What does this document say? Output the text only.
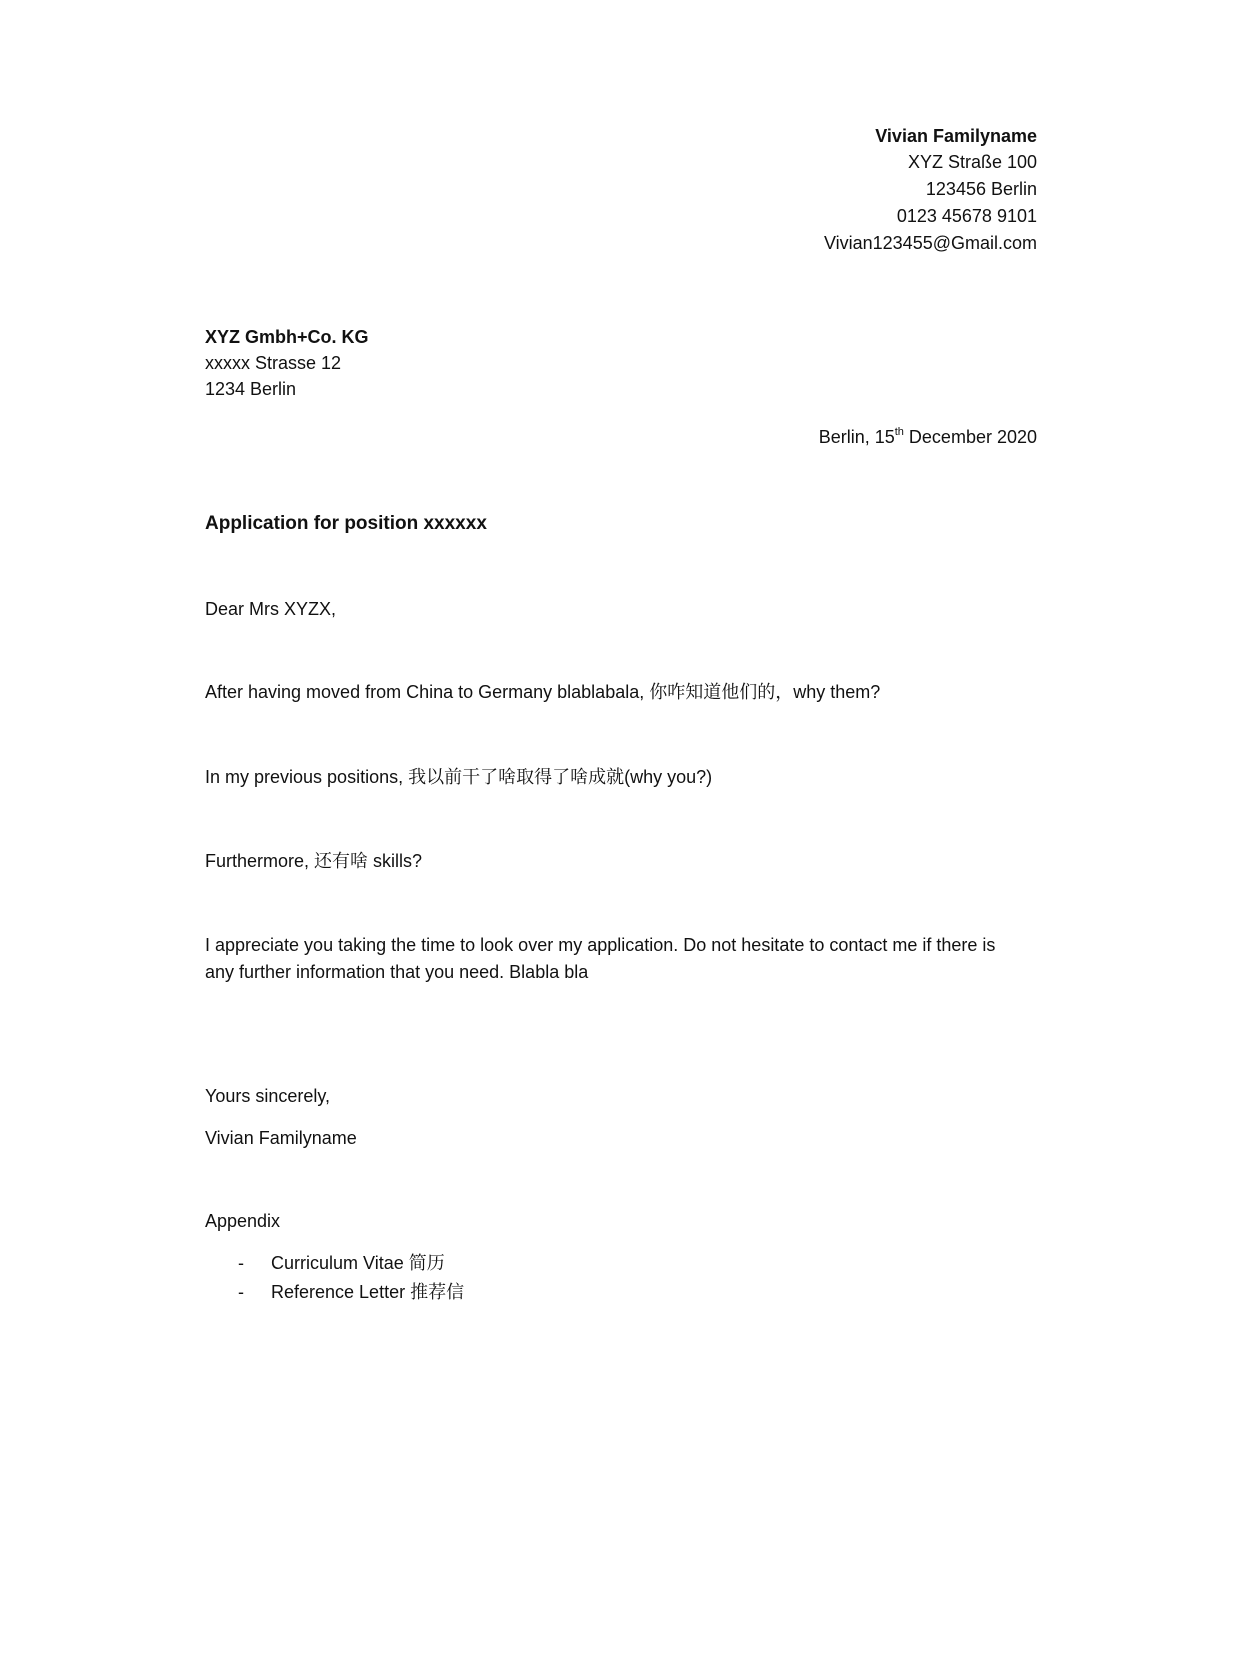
Vivian Familyname
XYZ Straße 100
123456 Berlin
0123 45678 9101
Vivian123455@Gmail.com
XYZ Gmbh+Co. KG
xxxxx Strasse 12
1234 Berlin
Berlin, 15th December 2020
Application for position xxxxxx
Dear Mrs XYZX,
After having moved from China to Germany blablabala, 你咋知道他们的，why them?
In my previous positions, 我以前干了啥取得了啥成就(why you?)
Furthermore, 还有啥 skills?
I appreciate you taking the time to look over my application. Do not hesitate to contact me if there is
any further information that you need. Blabla bla
Yours sincerely,
Vivian Familyname
Appendix
- Curriculum Vitae 简历
- Reference Letter 推荐信
